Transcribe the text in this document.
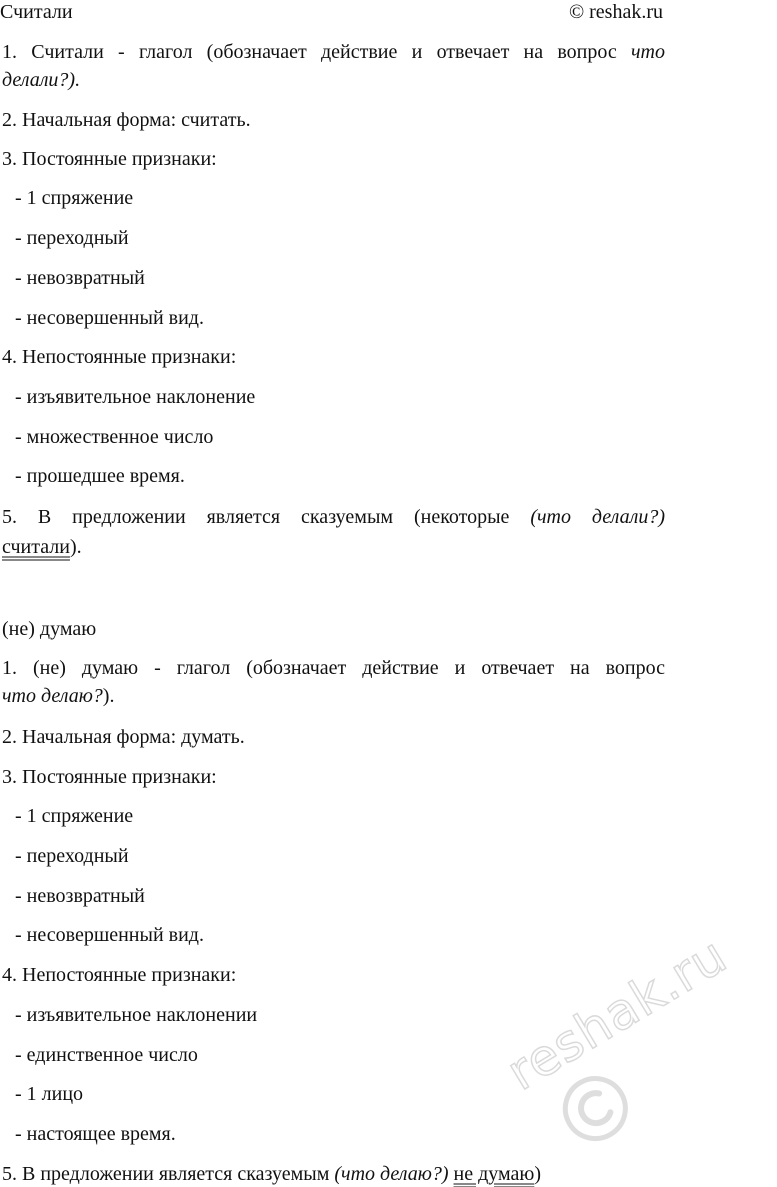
Считали	© reshak.ru
1. Считали - глагол (обозначает действие и отвечает на вопрос что
делали?).
2. Начальная форма: считать.
3. Постоянные признаки:
- 1 спряжение
- переходный
- невозвратный
- несовершенный вид.
4. Непостоянные признаки:
- изъявительное наклонение
- множественное число
- прошедшее время.
5. В предложении является сказуемым (некоторые (что делали?)
считали).
(не) думаю
1. (не) думаю - глагол (обозначает действие и отвечает на вопрос
что делаю?).
2. Начальная форма: думать.
3. Постоянные признаки:
- 1 спряжение
- переходный
- невозвратный
- несовершенный вид.
4. Непостоянные признаки:
- изъявительное наклонении
- единственное число
- 1 лицо
- настоящее время.
5. В предложении является сказуемым (что делаю?) не думаю)
reshak.ru
